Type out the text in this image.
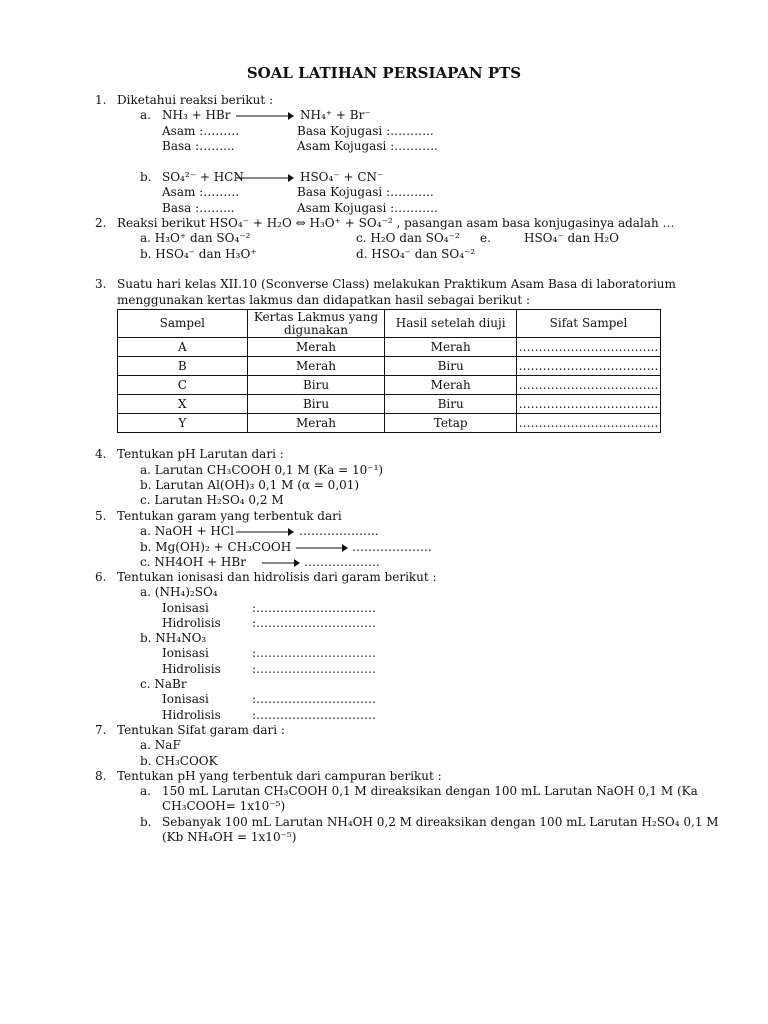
SOAL LATIHAN PERSIAPAN PTS
1. Diketahui reaksi berikut :
a. NH₃ + HBr	NH₄⁺ + Br⁻
Asam :………	Basa Kojugasi :………..
Basa :……...	Asam Kojugasi :………..
b. SO₄²⁻ + HCN	HSO₄⁻ + CN⁻
Asam :………	Basa Kojugasi :………..
Basa :……...	Asam Kojugasi :………..
2. Reaksi berikut HSO₄⁻ + H₂O ⇔ H₃O⁺ + SO₄⁻² , pasangan asam basa konjugasinya adalah …
a. H₃O⁺ dan SO₄⁻²	c. H₂O dan SO₄⁻² e.	HSO₄⁻ dan H₂O
b. HSO₄⁻ dan H₃O⁺	d. HSO₄⁻ dan SO₄⁻²
3. Suatu hari kelas XII.10 (Sconverse Class) melakukan Praktikum Asam Basa di laboratorium
menggunakan kertas lakmus dan didapatkan hasil sebagai berikut :
Sampel	Kertas Lakmus yang digunakan	Hasil setelah diuji	Sifat Sampel
A	Merah	Merah	……………………………..
B	Merah	Biru	……………………………..
C	Biru	Merah	……………………………..
X	Biru	Biru	……………………………..
Y	Merah	Tetap	……………………………..
4. Tentukan pH Larutan dari :
a. Larutan CH₃COOH 0,1 M (Ka = 10⁻¹)
b. Larutan Al(OH)₃ 0,1 M (α = 0,01)
c. Larutan H₂SO₄ 0,2 M
5. Tentukan garam yang terbentuk dari
a. NaOH + HCl	………………..
b. Mg(OH)₂ + CH₃COOH	………………..
c. NH4OH + HBr → ……………….
6. Tentukan ionisasi dan hidrolisis dari garam berikut :
a. (NH₄)₂SO₄
Ionisasi	:…………………………
Hidrolisis	:…………………………
b. NH₄NO₃
Ionisasi	:…………………………
Hidrolisis	:…………………………
c. NaBr
Ionisasi	:…………………………
Hidrolisis	:…………………………
7. Tentukan Sifat garam dari :
a. NaF
b. CH₃COOK
8. Tentukan pH yang terbentuk dari campuran berikut :
a. 150 mL Larutan CH₃COOH 0,1 M direaksikan dengan 100 mL Larutan NaOH 0,1 M (Ka
CH₃COOH= 1x10⁻⁵)
b. Sebanyak 100 mL Larutan NH₄OH 0,2 M direaksikan dengan 100 mL Larutan H₂SO₄ 0,1 M
(Kb NH₄OH = 1x10⁻⁵)
